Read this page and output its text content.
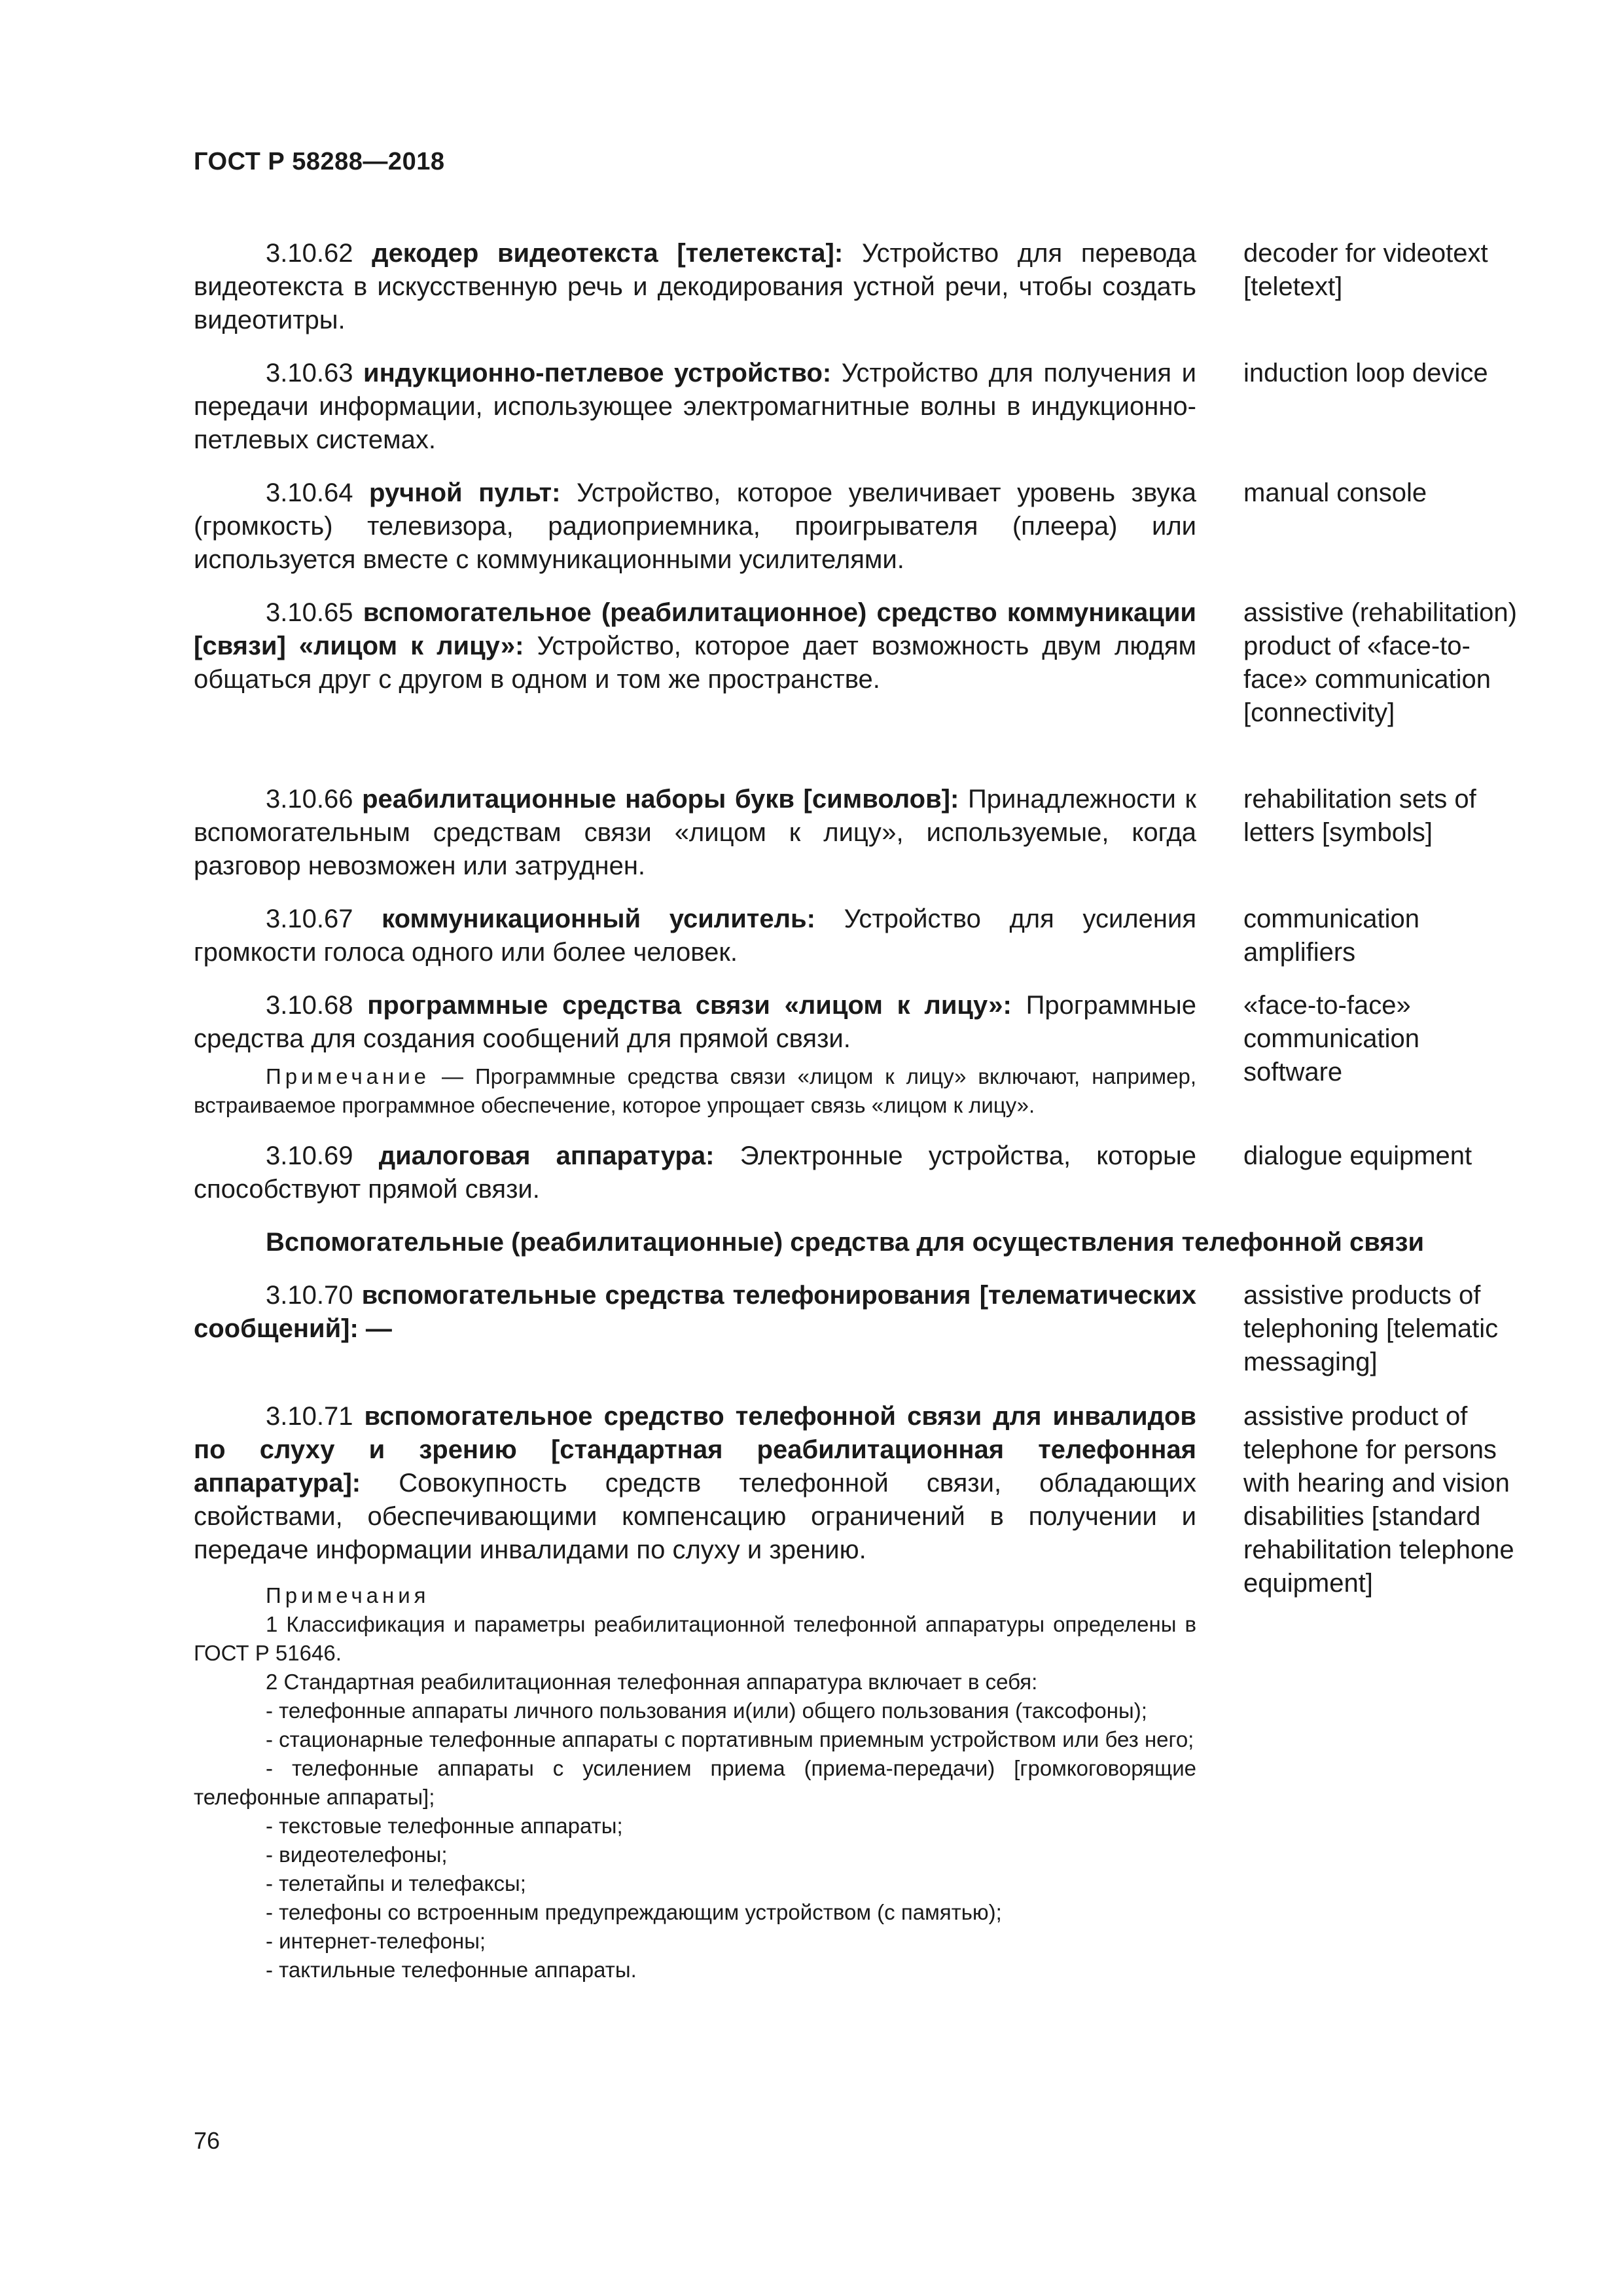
ГОСТ Р 58288—2018
3.10.62 декодер видеотекста [телетекста]: Устройство для перевода видеотекста в искусственную речь и декодирования устной речи, чтобы создать видеотитры.
decoder for videotext [teletext]
3.10.63 индукционно-петлевое устройство: Устройство для получения и передачи информации, использующее электромагнитные волны в индукционно-петлевых системах.
induction loop device
3.10.64 ручной пульт: Устройство, которое увеличивает уровень звука (громкость) телевизора, радиоприемника, проигрывателя (плеера) или используется вместе с коммуникационными усилителями.
manual console
3.10.65 вспомогательное (реабилитационное) средство коммуникации [связи] «лицом к лицу»: Устройство, которое дает возможность двум людям общаться друг с другом в одном и том же пространстве.
assistive (rehabilitation) product of «face-to-face» communication [connectivity]
3.10.66 реабилитационные наборы букв [символов]: Принадлежности к вспомогательным средствам связи «лицом к лицу», используемые, когда разговор невозможен или затруднен.
rehabilitation sets of letters [symbols]
3.10.67 коммуникационный усилитель: Устройство для усиления громкости голоса одного или более человек.
communication amplifiers
3.10.68 программные средства связи «лицом к лицу»: Программные средства для создания сообщений для прямой связи.
Примечание — Программные средства связи «лицом к лицу» включают, например, встраиваемое программное обеспечение, которое упрощает связь «лицом к лицу».
«face-to-face» communication software
3.10.69 диалоговая аппаратура: Электронные устройства, которые способствуют прямой связи.
dialogue equipment
Вспомогательные (реабилитационные) средства для осуществления телефонной связи
3.10.70 вспомогательные средства телефонирования [телематических сообщений]: —
assistive products of telephoning [telematic messaging]
3.10.71 вспомогательное средство телефонной связи для инвалидов по слуху и зрению [стандартная реабилитационная телефонная аппаратура]: Совокупность средств телефонной связи, обладающих свойствами, обеспечивающими компенсацию ограничений в получении и передаче информации инвалидами по слуху и зрению.
Примечания
1 Классификация и параметры реабилитационной телефонной аппаратуры определены в ГОСТ Р 51646.
2 Стандартная реабилитационная телефонная аппаратура включает в себя:
- телефонные аппараты личного пользования и(или) общего пользования (таксофоны);
- стационарные телефонные аппараты с портативным приемным устройством или без него;
- телефонные аппараты с усилением приема (приема-передачи) [громкоговорящие телефонные аппараты];
- текстовые телефонные аппараты;
- видеотелефоны;
- телетайпы и телефаксы;
- телефоны со встроенным предупреждающим устройством (с памятью);
- интернет-телефоны;
- тактильные телефонные аппараты.
assistive product of telephone for persons with hearing and vision disabilities [standard rehabilitation telephone equipment]
76
